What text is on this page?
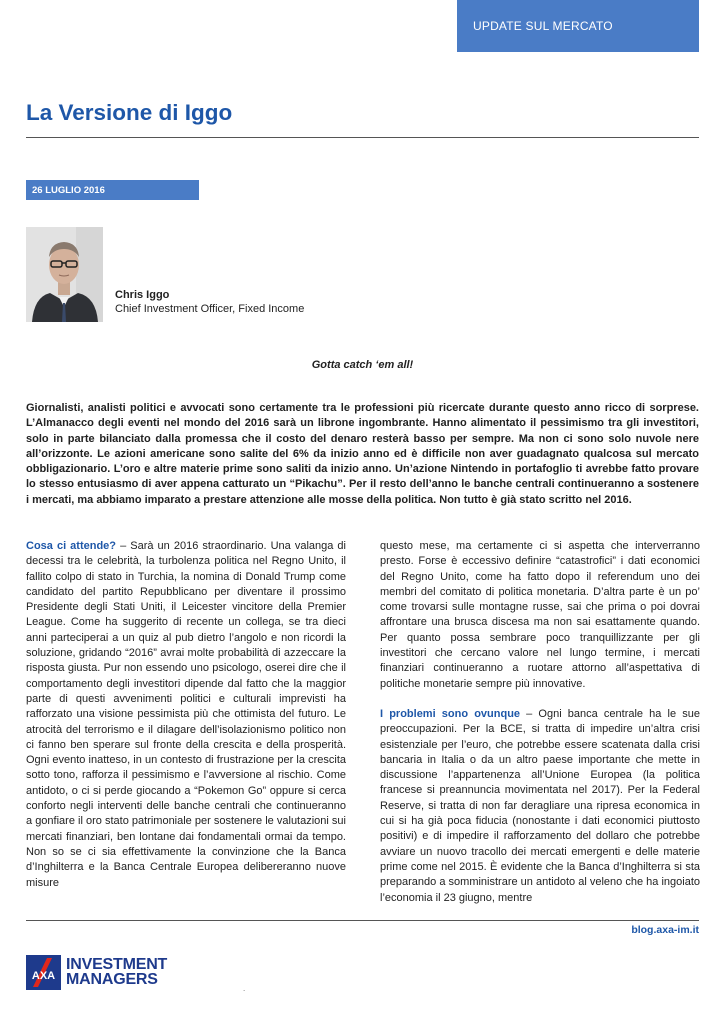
UPDATE SUL MERCATO
La Versione di Iggo
26 LUGLIO 2016
Chris Iggo
Chief Investment Officer, Fixed Income
Gotta catch ‘em all!

Giornalisti, analisti politici e avvocati sono certamente tra le professioni più ricercate durante questo anno ricco di sorprese. L’Almanacco degli eventi nel mondo del 2016 sarà un librone ingombrante. Hanno alimentato il pessimismo tra gli investitori, solo in parte bilanciato dalla promessa che il costo del denaro resterà basso per sempre. Ma non ci sono solo nuvole nere all’orizzonte. Le azioni americane sono salite del 6% da inizio anno ed è difficile non aver guadagnato qualcosa sul mercato obbligazionario. L’oro e altre materie prime sono saliti da inizio anno. Un’azione Nintendo in portafoglio ti avrebbe fatto provare lo stesso entusiasmo di aver appena catturato un “Pikachu”. Per il resto dell’anno le banche centrali continueranno a sostenere i mercati, ma abbiamo imparato a prestare attenzione alle mosse della politica. Non tutto è già stato scritto nel 2016.

Cosa ci attende? – Sarà un 2016 straordinario. Una valanga di decessi tra le celebrità, la turbolenza politica nel Regno Unito, il fallito colpo di stato in Turchia, la nomina di Donald Trump come candidato del partito Repubblicano per diventare il prossimo Presidente degli Stati Uniti, il Leicester vincitore della Premier League. Come ha suggerito di recente un collega, se tra dieci anni parteciperai a un quiz al pub dietro l’angolo e non ricordi la soluzione, gridando “2016” avrai molte probabilità di azzeccare la risposta giusta. Pur non essendo uno psicologo, oserei dire che il comportamento degli investitori dipende dal fatto che la maggior parte di questi avvenimenti politici e culturali imprevisti ha rafforzato una visione pessimista più che ottimista del futuro. Le atrocità del terrorismo e il dilagare dell’isolazionismo politico non ci fanno ben sperare sul fronte della crescita e della prosperità. Ogni evento inatteso, in un contesto di frustrazione per la crescita sotto tono, rafforza il pessimismo e l’avversione al rischio. Come antidoto, o ci si perde giocando a “Pokemon Go” oppure si cerca conforto negli interventi delle banche centrali che continueranno a gonfiare il oro stato patrimoniale per sostenere le valutazioni sui mercati finanziari, ben lontane dai fondamentali ormai da tempo. Non so se ci sia effettivamente la convinzione che la Banca d’Inghilterra e la Banca Centrale Europea delibereranno nuove misure

questo mese, ma certamente ci si aspetta che interverranno presto. Forse è eccessivo definire “catastrofici” i dati economici del Regno Unito, come ha fatto dopo il referendum uno dei membri del comitato di politica monetaria. D’altra parte è un po’ come trovarsi sulle montagne russe, sai che prima o poi dovrai affrontare una brusca discesa ma non sai esattamente quando. Per quanto possa sembrare poco tranquillizzante per gli investitori che cercano valore nel lungo termine, i mercati finanziari continueranno a ruotare attorno all’aspettativa di politiche monetarie sempre più innovative.

I problemi sono ovunque – Ogni banca centrale ha le sue preoccupazioni. Per la BCE, si tratta di impedire un’altra crisi esistenziale per l’euro, che potrebbe essere scatenata dalla crisi bancaria in Italia o da un altro paese importante che mette in discussione l’appartenenza all’Unione Europea (la politica francese si preannuncia movimentata nel 2017). Per la Federal Reserve, si tratta di non far deragliare una ripresa economica in cui si ha già poca fiducia (nonostante i dati economici piuttosto positivi) e di impedire il rafforzamento del dollaro che potrebbe avviare un nuovo tracollo dei mercati emergenti e delle materie prime come nel 2015. È evidente che la Banca d’Inghilterra si sta preparando a somministrare un antidoto al veleno che ha ingoiato l’economia il 23 giugno, mentre

blog.axa-im.it
AXA
INVESTMENT
MANAGERS
.
